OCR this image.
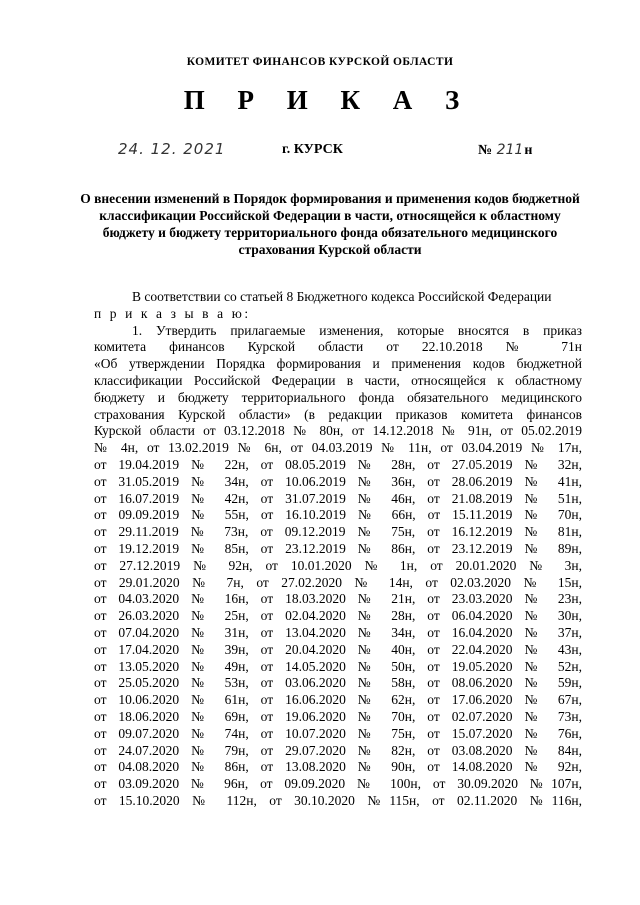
КОМИТЕТ ФИНАНСОВ КУРСКОЙ ОБЛАСТИ
П Р И К А З
24. 12. 2021	г. КУРСК	№ 211н
О внесении изменений в Порядок формирования и применения кодов бюджетной классификации Российской Федерации в части, относящейся к областному бюджету и бюджету территориального фонда обязательного медицинского страхования Курской области

В соответствии со статьей 8 Бюджетного кодекса Российской Федерации

п р и к а з ы в а ю:

1. Утвердить прилагаемые изменения, которые вносятся в приказ
комитета финансов Курской области от 22.10.2018 № 71н
«Об утверждении Порядка формирования и применения кодов бюджетной
классификации Российской Федерации в части, относящейся к областному
бюджету и бюджету территориального фонда обязательного медицинского
страхования Курской области» (в редакции приказов комитета финансов
Курской области от 03.12.2018 № 80н, от 14.12.2018 № 91н, от 05.02.2019
№ 4н, от 13.02.2019 № 6н, от 04.03.2019 № 11н, от 03.04.2019 № 17н,
от 19.04.2019 № 22н, от 08.05.2019 № 28н, от 27.05.2019 № 32н,
от 31.05.2019 № 34н, от 10.06.2019 № 36н, от 28.06.2019 № 41н,
от 16.07.2019 № 42н, от 31.07.2019 № 46н, от 21.08.2019 № 51н,
от 09.09.2019 № 55н, от 16.10.2019 № 66н, от 15.11.2019 № 70н,
от 29.11.2019 № 73н, от 09.12.2019 № 75н, от 16.12.2019 № 81н,
от 19.12.2019 № 85н, от 23.12.2019 № 86н, от 23.12.2019 № 89н,
от 27.12.2019 № 92н, от 10.01.2020 № 1н, от 20.01.2020 № 3н,
от 29.01.2020 № 7н, от 27.02.2020 № 14н, от 02.03.2020 № 15н,
от 04.03.2020 № 16н, от 18.03.2020 № 21н, от 23.03.2020 № 23н,
от 26.03.2020 № 25н, от 02.04.2020 № 28н, от 06.04.2020 № 30н,
от 07.04.2020 № 31н, от 13.04.2020 № 34н, от 16.04.2020 № 37н,
от 17.04.2020 № 39н, от 20.04.2020 № 40н, от 22.04.2020 № 43н,
от 13.05.2020 № 49н, от 14.05.2020 № 50н, от 19.05.2020 № 52н,
от 25.05.2020 № 53н, от 03.06.2020 № 58н, от 08.06.2020 № 59н,
от 10.06.2020 № 61н, от 16.06.2020 № 62н, от 17.06.2020 № 67н,
от 18.06.2020 № 69н, от 19.06.2020 № 70н, от 02.07.2020 № 73н,
от 09.07.2020 № 74н, от 10.07.2020 № 75н, от 15.07.2020 № 76н,
от 24.07.2020 № 79н, от 29.07.2020 № 82н, от 03.08.2020 № 84н,
от 04.08.2020 № 86н, от 13.08.2020 № 90н, от 14.08.2020 № 92н,
от 03.09.2020 № 96н, от 09.09.2020 № 100н, от 30.09.2020 №107н,
от 15.10.2020 № 112н, от 30.10.2020 №115н, от 02.11.2020 №116н,
